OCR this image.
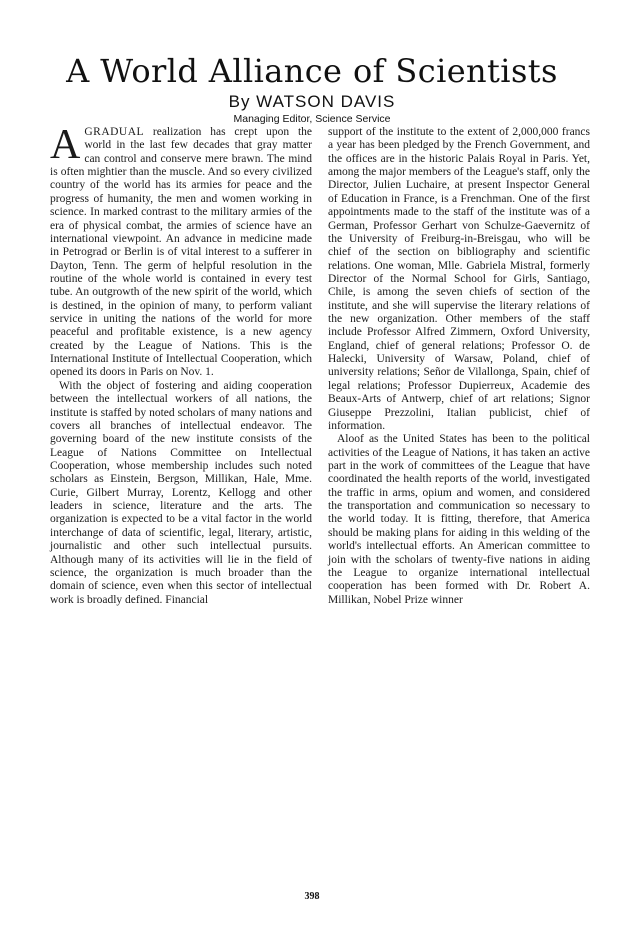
A World Alliance of Scientists
By WATSON DAVIS
Managing Editor, Science Service

AGRADUAL realization has crept upon the world in the last few decades that gray matter can control and conserve mere brawn. The mind is often mightier than the muscle. And so every civilized country of the world has its armies for peace and the progress of humanity, the men and women working in science. In marked contrast to the military armies of the era of physical combat, the armies of science have an international viewpoint. An advance in medicine made in Petrograd or Berlin is of vital interest to a sufferer in Dayton, Tenn. The germ of helpful resolution in the routine of the whole world is contained in every test tube. An outgrowth of the new spirit of the world, which is destined, in the opinion of many, to perform valiant service in uniting the nations of the world for more peaceful and profitable existence, is a new agency created by the League of Nations. This is the International Institute of Intellectual Cooperation, which opened its doors in Paris on Nov. 1.

With the object of fostering and aiding cooperation between the intellectual workers of all nations, the institute is staffed by noted scholars of many nations and covers all branches of intellectual endeavor. The governing board of the new institute consists of the League of Nations Committee on Intellectual Cooperation, whose membership includes such noted scholars as Einstein, Bergson, Millikan, Hale, Mme. Curie, Gilbert Murray, Lorentz, Kellogg and other leaders in science, literature and the arts. The organization is expected to be a vital factor in the world interchange of data of scientific, legal, literary, artistic, journalistic and other such intellectual pursuits. Although many of its activities will lie in the field of science, the organization is much broader than the domain of science, even when this sector of intellectual work is broadly defined. Financial

support of the institute to the extent of 2,000,000 francs a year has been pledged by the French Government, and the offices are in the historic Palais Royal in Paris. Yet, among the major members of the League's staff, only the Director, Julien Luchaire, at present Inspector General of Education in France, is a Frenchman. One of the first appointments made to the staff of the institute was of a German, Professor Gerhart von Schulze-Gaevernitz of the University of Freiburg-in-Breisgau, who will be chief of the section on bibliography and scientific relations. One woman, Mlle. Gabriela Mistral, formerly Director of the Normal School for Girls, Santiago, Chile, is among the seven chiefs of section of the institute, and she will supervise the literary relations of the new organization. Other members of the staff include Professor Alfred Zimmern, Oxford University, England, chief of general relations; Professor O. de Halecki, University of Warsaw, Poland, chief of university relations; Señor de Vilallonga, Spain, chief of legal relations; Professor Dupierreux, Academie des Beaux-Arts of Antwerp, chief of art relations; Signor Giuseppe Prezzolini, Italian publicist, chief of information.

Aloof as the United States has been to the political activities of the League of Nations, it has taken an active part in the work of committees of the League that have coordinated the health reports of the world, investigated the traffic in arms, opium and women, and considered the transportation and communication so necessary to the world today. It is fitting, therefore, that America should be making plans for aiding in this welding of the world's intellectual efforts. An American committee to join with the scholars of twenty-five nations in aiding the League to organize international intellectual cooperation has been formed with Dr. Robert A. Millikan, Nobel Prize winner

398
